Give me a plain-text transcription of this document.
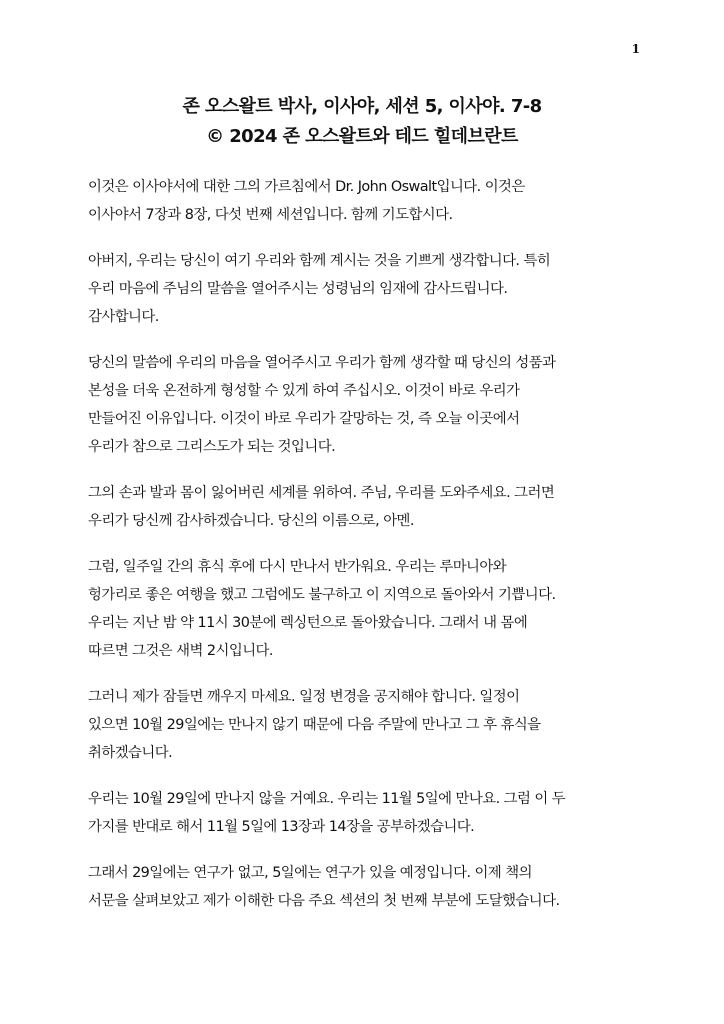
1
존 오스왈트 박사, 이사야, 세션 5, 이사야. 7-8
© 2024 존 오스왈트와 테드 힐데브란트

이것은 이사야서에 대한 그의 가르침에서 Dr. John Oswalt입니다. 이것은
이사야서 7장과 8장, 다섯 번째 세션입니다. 함께 기도합시다.

아버지, 우리는 당신이 여기 우리와 함께 계시는 것을 기쁘게 생각합니다. 특히
우리 마음에 주님의 말씀을 열어주시는 성령님의 임재에 감사드립니다.
감사합니다.

당신의 말씀에 우리의 마음을 열어주시고 우리가 함께 생각할 때 당신의 성품과
본성을 더욱 온전하게 형성할 수 있게 하여 주십시오. 이것이 바로 우리가
만들어진 이유입니다. 이것이 바로 우리가 갈망하는 것, 즉 오늘 이곳에서
우리가 참으로 그리스도가 되는 것입니다.

그의 손과 발과 몸이 잃어버린 세계를 위하여. 주님, 우리를 도와주세요. 그러면
우리가 당신께 감사하겠습니다. 당신의 이름으로, 아멘.

그럼, 일주일 간의 휴식 후에 다시 만나서 반가워요. 우리는 루마니아와
헝가리로 좋은 여행을 했고 그럼에도 불구하고 이 지역으로 돌아와서 기쁩니다.
우리는 지난 밤 약 11시 30분에 렉싱턴으로 돌아왔습니다. 그래서 내 몸에
따르면 그것은 새벽 2시입니다.

그러니 제가 잠들면 깨우지 마세요. 일정 변경을 공지해야 합니다. 일정이
있으면 10월 29일에는 만나지 않기 때문에 다음 주말에 만나고 그 후 휴식을
취하겠습니다.

우리는 10월 29일에 만나지 않을 거예요. 우리는 11월 5일에 만나요. 그럼 이 두
가지를 반대로 해서 11월 5일에 13장과 14장을 공부하겠습니다.

그래서 29일에는 연구가 없고, 5일에는 연구가 있을 예정입니다. 이제 책의
서문을 살펴보았고 제가 이해한 다음 주요 섹션의 첫 번째 부분에 도달했습니다.
